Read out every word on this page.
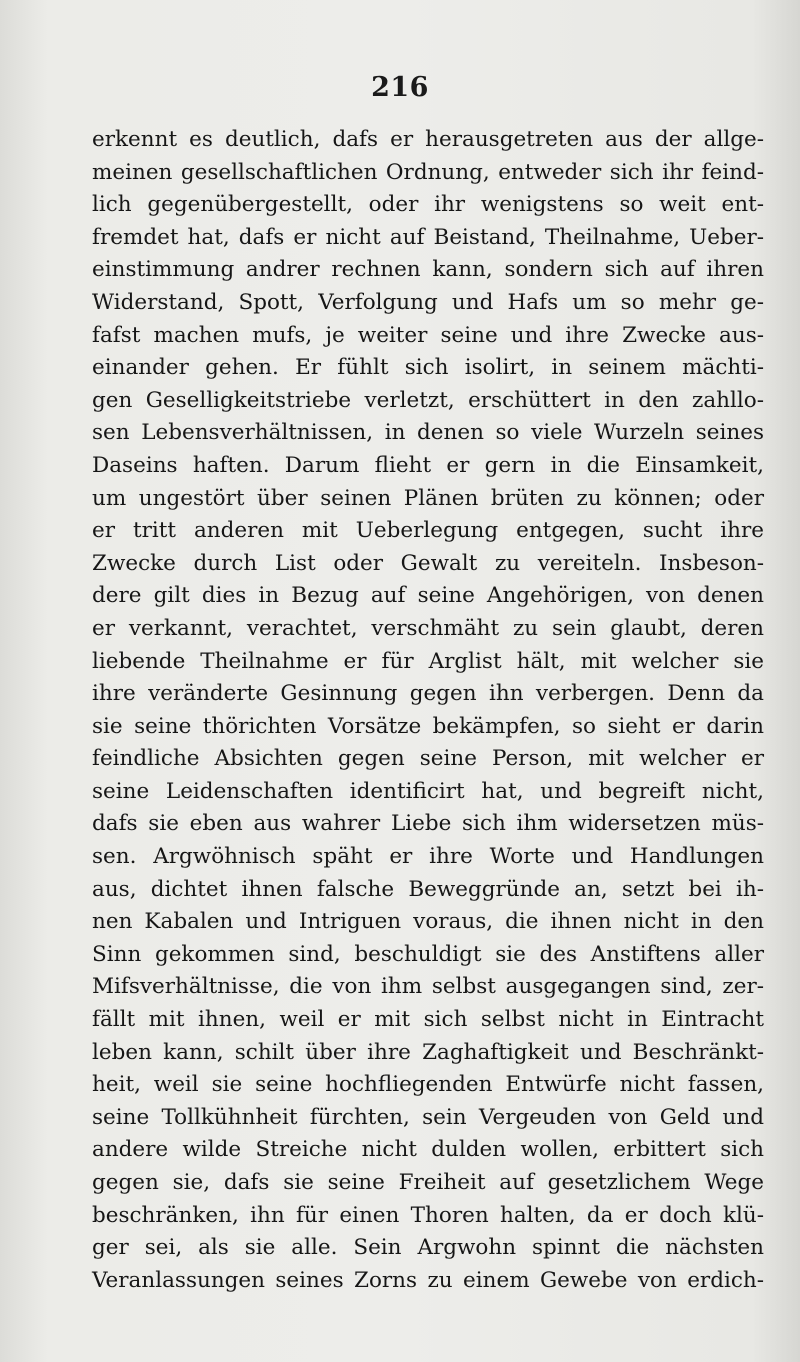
216
erkennt es deutlich, dafs er herausgetreten aus der allge-
meinen gesellschaftlichen Ordnung, entweder sich ihr feind-
lich gegenübergestellt, oder ihr wenigstens so weit ent-
fremdet hat, dafs er nicht auf Beistand, Theilnahme, Ueber-
einstimmung andrer rechnen kann, sondern sich auf ihren
Widerstand, Spott, Verfolgung und Hafs um so mehr ge-
fafst machen mufs, je weiter seine und ihre Zwecke aus-
einander gehen. Er fühlt sich isolirt, in seinem mächti-
gen Geselligkeitstriebe verletzt, erschüttert in den zahllo-
sen Lebensverhältnissen, in denen so viele Wurzeln seines
Daseins haften. Darum flieht er gern in die Einsamkeit,
um ungestört über seinen Plänen brüten zu können; oder
er tritt anderen mit Ueberlegung entgegen, sucht ihre
Zwecke durch List oder Gewalt zu vereiteln. Insbeson-
dere gilt dies in Bezug auf seine Angehörigen, von denen
er verkannt, verachtet, verschmäht zu sein glaubt, deren
liebende Theilnahme er für Arglist hält, mit welcher sie
ihre veränderte Gesinnung gegen ihn verbergen. Denn da
sie seine thörichten Vorsätze bekämpfen, so sieht er darin
feindliche Absichten gegen seine Person, mit welcher er
seine Leidenschaften identificirt hat, und begreift nicht,
dafs sie eben aus wahrer Liebe sich ihm widersetzen müs-
sen. Argwöhnisch späht er ihre Worte und Handlungen
aus, dichtet ihnen falsche Beweggründe an, setzt bei ih-
nen Kabalen und Intriguen voraus, die ihnen nicht in den
Sinn gekommen sind, beschuldigt sie des Anstiftens aller
Mifsverhältnisse, die von ihm selbst ausgegangen sind, zer-
fällt mit ihnen, weil er mit sich selbst nicht in Eintracht
leben kann, schilt über ihre Zaghaftigkeit und Beschränkt-
heit, weil sie seine hochfliegenden Entwürfe nicht fassen,
seine Tollkühnheit fürchten, sein Vergeuden von Geld und
andere wilde Streiche nicht dulden wollen, erbittert sich
gegen sie, dafs sie seine Freiheit auf gesetzlichem Wege
beschränken, ihn für einen Thoren halten, da er doch klü-
ger sei, als sie alle. Sein Argwohn spinnt die nächsten
Veranlassungen seines Zorns zu einem Gewebe von erdich-
